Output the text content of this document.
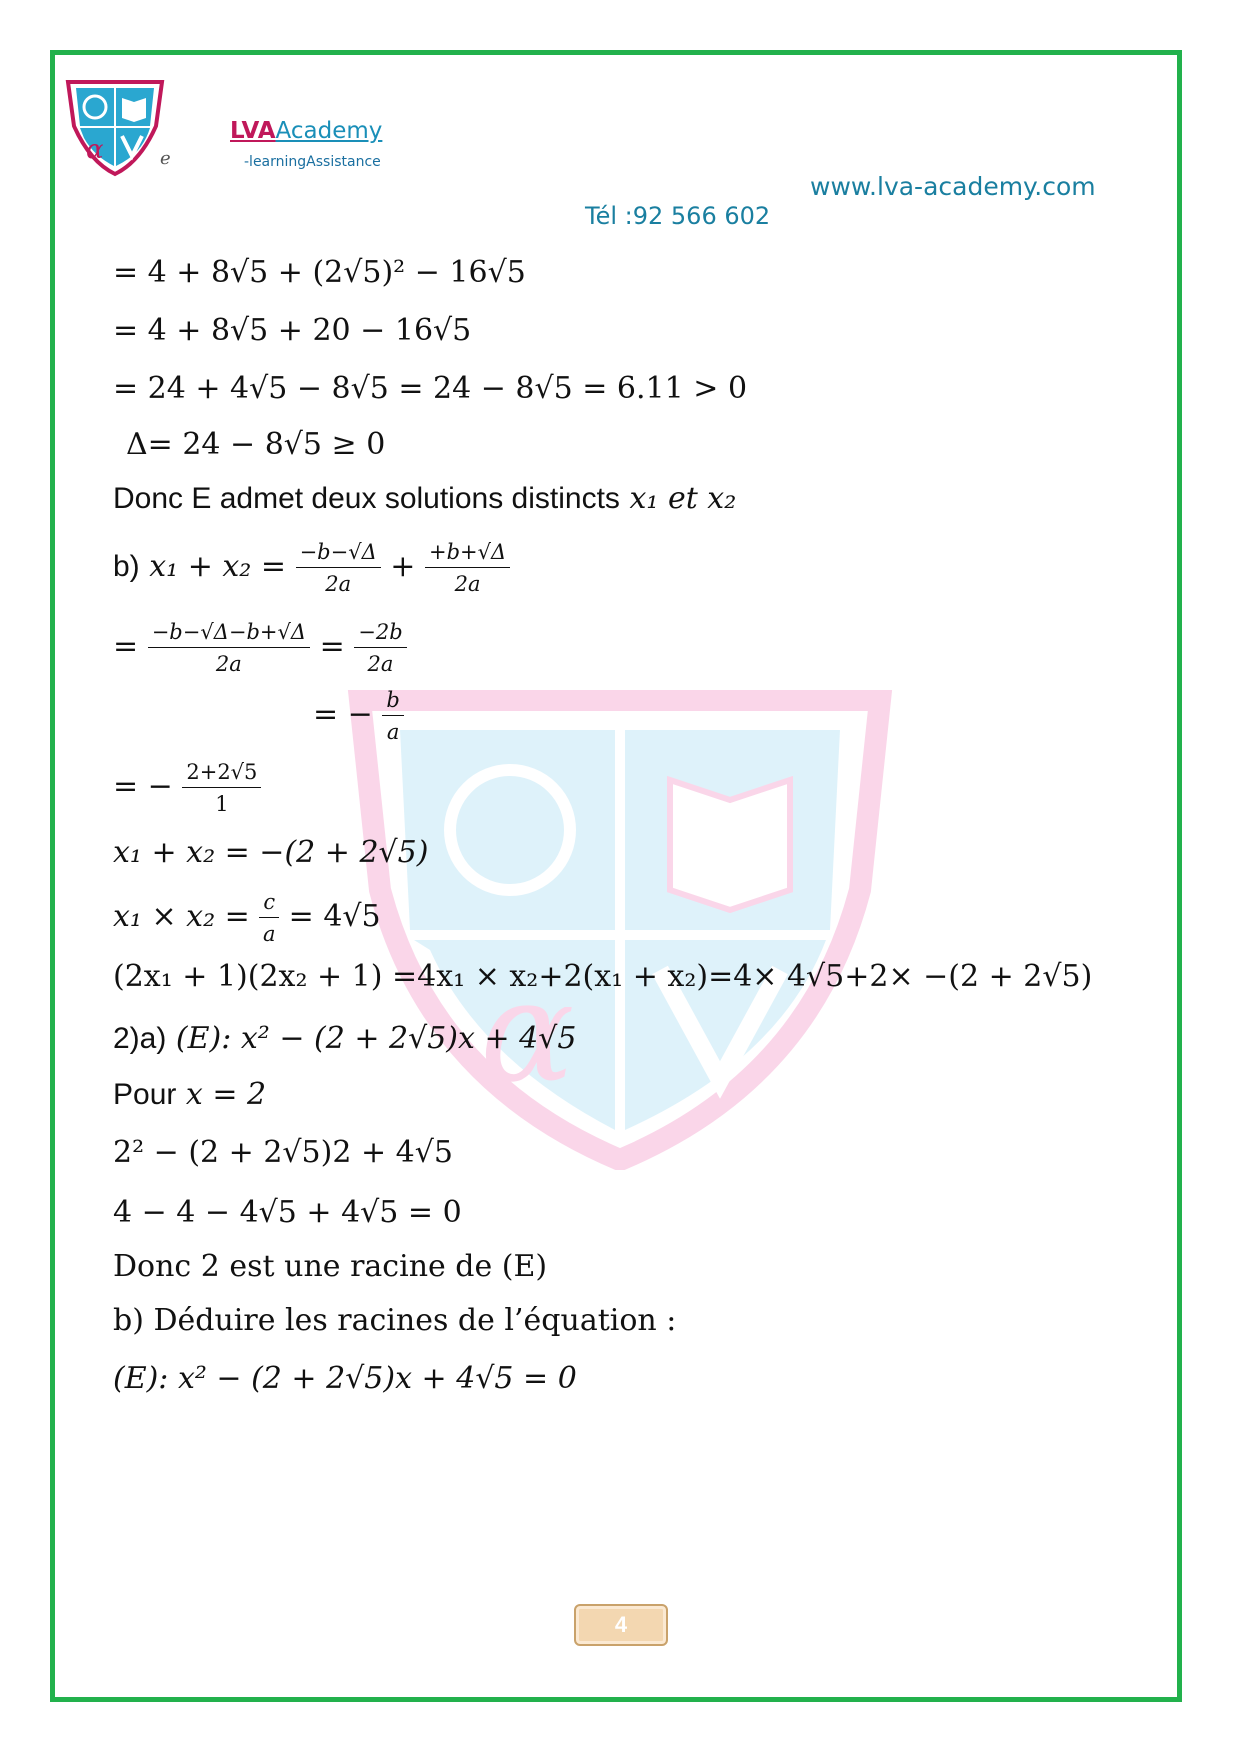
α	e
LVAAcademy
-learningAssistance
www.lva-academy.com
Tél :92 566 602
α
= 4 + 8√5 + (2√5)² − 16√5
= 4 + 8√5 + 20 − 16√5
= 24 + 4√5 − 8√5 = 24 − 8√5 = 6.11 > 0
Δ= 24 − 8√5 ≥ 0
Donc E admet deux solutions distincts x₁ et x₂
b) $x_1 + x_2 = \frac{-b-√\Delta}{2a} + \frac{+b+√\Delta}{2a}$
= $\frac{-b-√\Delta-b+√\Delta}{2a} = \frac{-2b}{2a}$
= − $\frac{b}{a}$
= − $\frac{2+2√5}{1}$
x₁ + x₂ = −(2 + 2√5)
$x_1 \times x_2 = \frac{c}{a} = 4√5$
(2x₁ + 1)(2x₂ + 1) =4x₁ × x₂+2(x₁ + x₂)=4× 4√5+2× −(2 + 2√5)
2)a) (E): x² − (2 + 2√5)x + 4√5
Pour x = 2
2² − (2 + 2√5)2 + 4√5
4 − 4 − 4√5 + 4√5 = 0
Donc 2 est une racine de (E)
b) Déduire les racines de l’équation :
(E): x² − (2 + 2√5)x + 4√5 = 0
4
